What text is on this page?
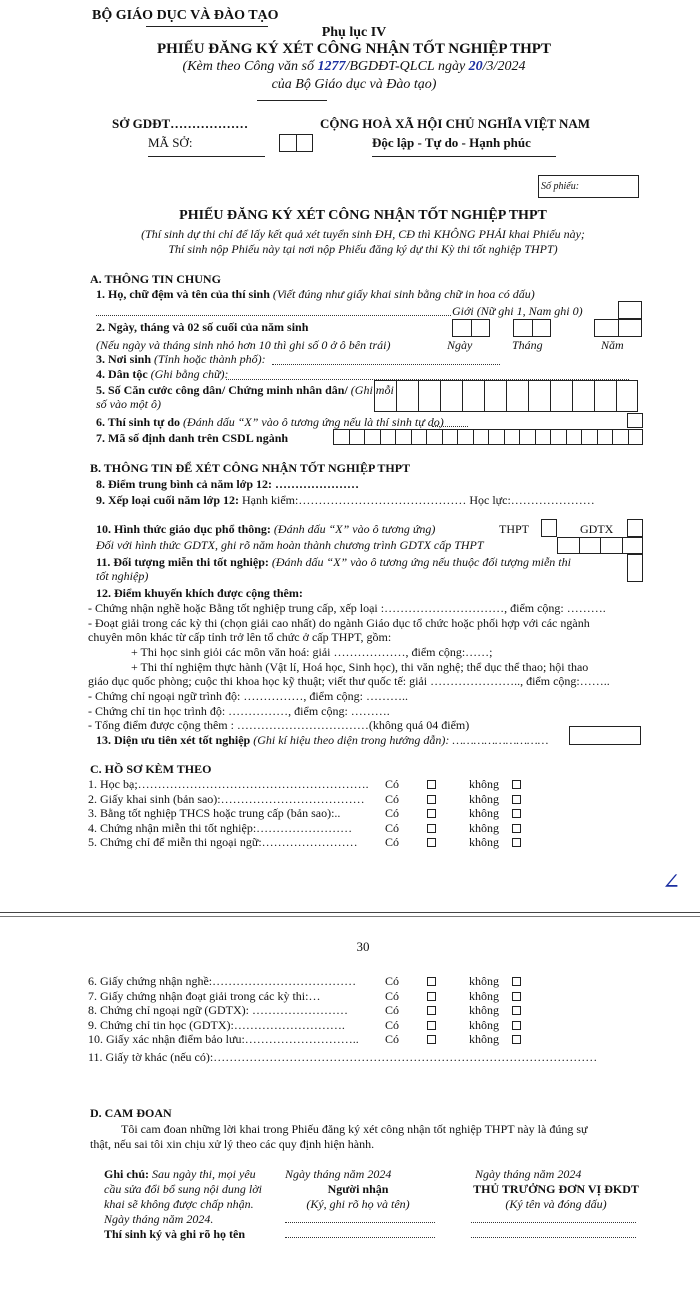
BỘ GIÁO DỤC VÀ ĐÀO TẠO
Phụ lục IV
PHIẾU ĐĂNG KÝ XÉT CÔNG NHẬN TỐT NGHIỆP THPT
(Kèm theo Công văn số 1277/BGDĐT-QLCL ngày 20/3/2024
của Bộ Giáo dục và Đào tạo)
SỞ GDĐT………………
MÃ SỞ:
CỘNG HOÀ XÃ HỘI CHỦ NGHĨA VIỆT NAM
Độc lập - Tự do - Hạnh phúc
Số phiếu:
PHIẾU ĐĂNG KÝ XÉT CÔNG NHẬN TỐT NGHIỆP THPT
(Thí sinh dự thi chỉ để lấy kết quả xét tuyển sinh ĐH, CĐ thì KHÔNG PHẢI khai Phiếu này;
Thí sinh nộp Phiếu này tại nơi nộp Phiếu đăng ký dự thi Kỳ thi tốt nghiệp THPT)
A. THÔNG TIN CHUNG
1. Họ, chữ đệm và tên của thí sinh (Viết đúng như giấy khai sinh bằng chữ in hoa có dấu)
Giới (Nữ ghi 1, Nam ghi 0)
2. Ngày, tháng và 02 số cuối của năm sinh
(Nếu ngày và tháng sinh nhỏ hơn 10 thì ghi số 0 ở ô bên trái)	Ngày	Tháng	Năm
3. Nơi sinh (Tỉnh hoặc thành phố):
4. Dân tộc (Ghi bằng chữ):
5. Số Căn cước công dân/ Chứng minh nhân dân/ (Ghi mỗi
số vào một ô)
6. Thí sinh tự do (Đánh dấu “X” vào ô tương ứng nếu là thí sinh tự do)
7. Mã số định danh trên CSDL ngành
B. THÔNG TIN ĐỂ XÉT CÔNG NHẬN TỐT NGHIỆP THPT
8. Điểm trung bình cả năm lớp 12: …………………
9. Xếp loại cuối năm lớp 12: Hạnh kiểm:…………………………………… Học lực:…………………
10. Hình thức giáo dục phổ thông: (Đánh dấu “X” vào ô tương ứng)	THPT	GDTX
Đối với hình thức GDTX, ghi rõ năm hoàn thành chương trình GDTX cấp THPT
11. Đối tượng miễn thi tốt nghiệp: (Đánh dấu “X” vào ô tương ứng nếu thuộc đối tượng miễn thi
tốt nghiệp)
12. Điểm khuyến khích được cộng thêm:
- Chứng nhận nghề hoặc Bằng tốt nghiệp trung cấp, xếp loại :…………………………, điểm cộng: ……….
- Đoạt giải trong các kỳ thi (chọn giải cao nhất) do ngành Giáo dục tổ chức hoặc phối hợp với các ngành
chuyên môn khác từ cấp tỉnh trở lên tổ chức ở cấp THPT, gồm:
+ Thi học sinh giỏi các môn văn hoá: giải ………………, điểm cộng:……;
+ Thi thí nghiệm thực hành (Vật lí, Hoá học, Sinh học), thi văn nghệ; thể dục thể thao; hội thao
giáo dục quốc phòng; cuộc thi khoa học kỹ thuật; viết thư quốc tế: giải ………………….., điểm cộng:……..
- Chứng chỉ ngoại ngữ trình độ: ……………, điểm cộng: ………..
- Chứng chỉ tin học trình độ: ……………, điểm cộng: ……….
- Tổng điểm được cộng thêm : ……………………………(không quá 04 điểm)
13. Diện ưu tiên xét tốt nghiệp (Ghi kí hiệu theo diện trong hướng dẫn): ………………………
C. HỒ SƠ KÈM THEO
1. Học bạ;…………………………………………………. Có	không
2. Giấy khai sinh (bản sao):……………………………… Có	không
3. Bằng tốt nghiệp THCS hoặc trung cấp (bản sao):..	Có	không
4. Chứng nhận miễn thi tốt nghiệp:……………………	Có	không
5. Chứng chỉ để miễn thi ngoại ngữ:…………………… Có	không
∠
30
6. Giấy chứng nhận nghề:……………………………… Có	không
7. Giấy chứng nhận đoạt giải trong các kỳ thi:…	Có	không
8. Chứng chỉ ngoại ngữ (GDTX): ……………………	Có	không
9. Chứng chỉ tin học (GDTX):……………………….	Có	không
10. Giấy xác nhận điểm bảo lưu:……………………….. Có	không
11. Giấy tờ khác (nếu có):……………………………………………………………………………………
D. CAM ĐOAN
Tôi cam đoan những lời khai trong Phiếu đăng ký xét công nhận tốt nghiệp THPT này là đúng sự
thật, nếu sai tôi xin chịu xử lý theo các quy định hiện hành.
Ghi chú: Sau ngày thi, mọi yêu
cầu sửa đổi bổ sung nội dung lời
khai sẽ không được chấp nhận.
Ngày tháng năm 2024.
Thí sinh ký và ghi rõ họ tên
Ngày tháng năm 2024
Người nhận
(Ký, ghi rõ họ và tên)
Ngày tháng năm 2024
THỦ TRƯỞNG ĐƠN VỊ ĐKDT
(Ký tên và đóng dấu)
